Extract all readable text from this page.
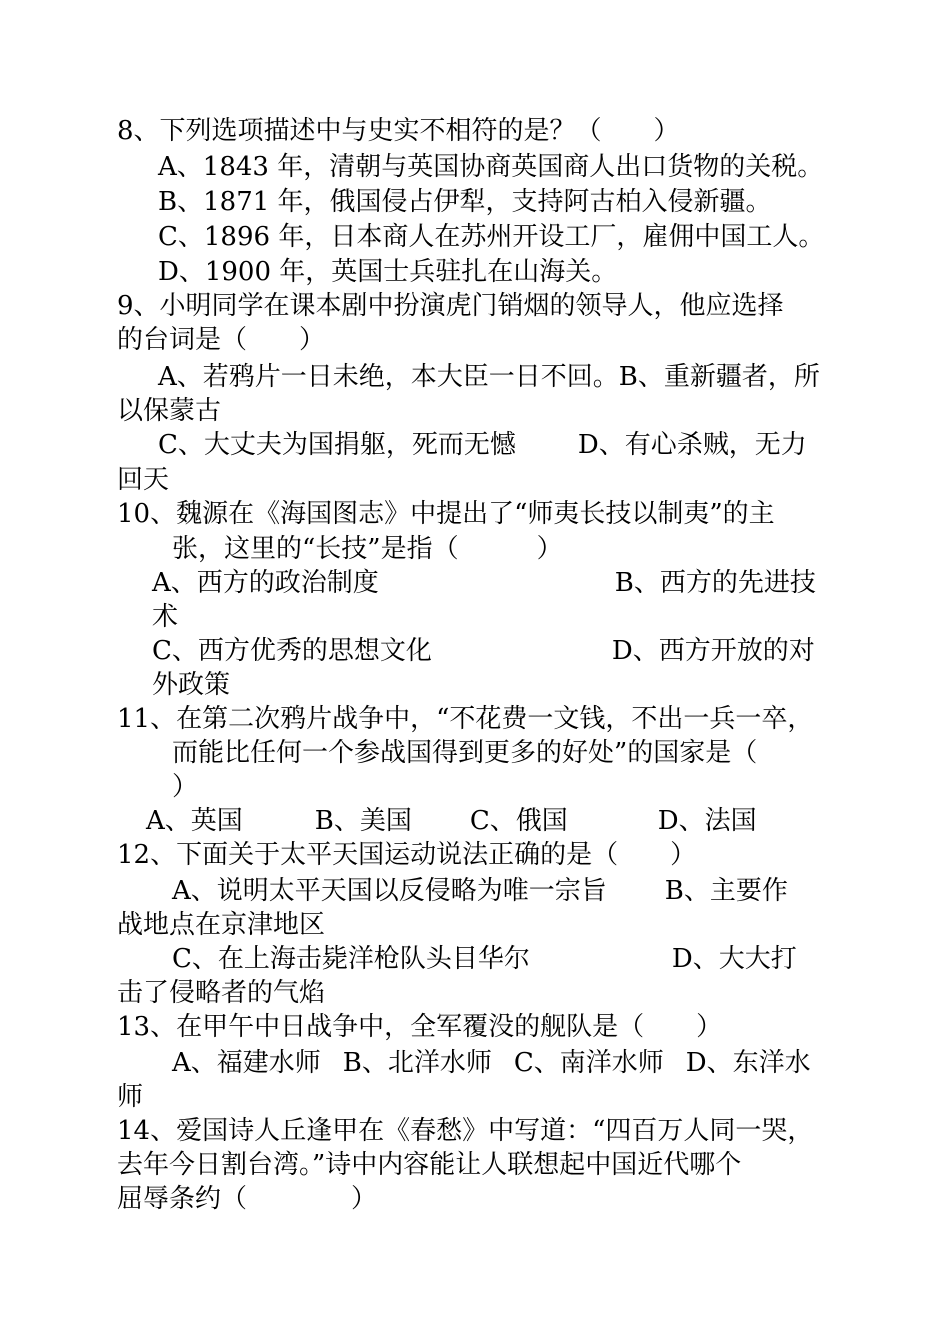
8、下列选项描述中与史实不相符的是？（　　）
A、1843 年，清朝与英国协商英国商人出口货物的关税。
B、1871 年，俄国侵占伊犁，支持阿古柏入侵新疆。
C、1896 年，日本商人在苏州开设工厂，雇佣中国工人。
D、1900 年，英国士兵驻扎在山海关。
9、小明同学在课本剧中扮演虎门销烟的领导人，他应选择
的台词是（　　）
A、若鸦片一日未绝，本大臣一日不回。B、重新疆者，所
以保蒙古
C、大丈夫为国捐躯，死而无憾 D、有心杀贼，无力
回天
10、魏源在《海国图志》中提出了“师夷长技以制夷”的主
张，这里的“长技”是指（　　　）
A、西方的政治制度	B、西方的先进技
术
C、西方优秀的思想文化	D、西方开放的对
外政策
11、在第二次鸦片战争中，“不花费一文钱，不出一兵一卒，
而能比任何一个参战国得到更多的好处”的国家是（
）
A、英国	B、美国 C、俄国	D、法国
12、下面关于太平天国运动说法正确的是（　　）
A、说明太平天国以反侵略为唯一宗旨 B、主要作
战地点在京津地区
C、在上海击毙洋枪队头目华尔	D、大大打
击了侵略者的气焰
13、在甲午中日战争中，全军覆没的舰队是（　　）
A、福建水师 B、北洋水师 C、南洋水师 D、东洋水
师
14、爱国诗人丘逢甲在《春愁》中写道：“四百万人同一哭，
去年今日割台湾。”诗中内容能让人联想起中国近代哪个
屈辱条约（　　　　）
